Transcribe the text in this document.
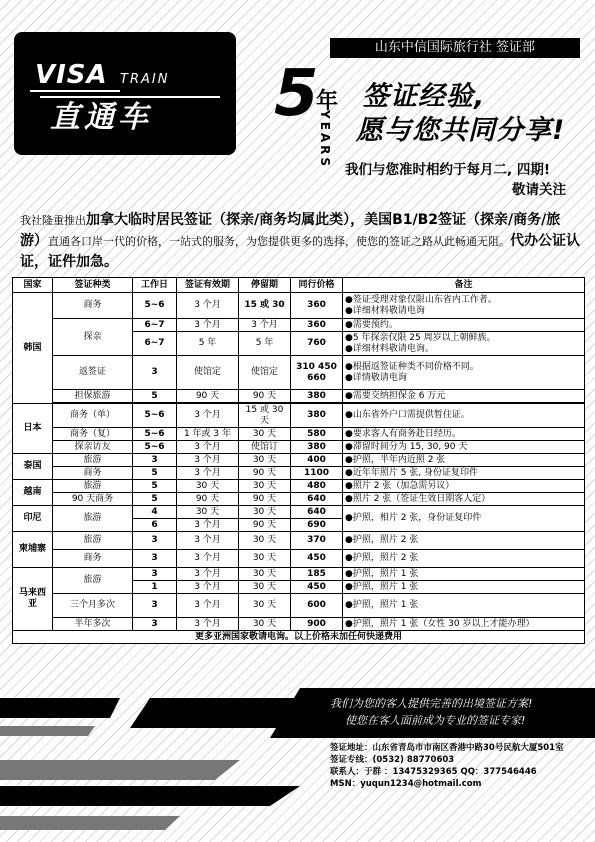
VISA TRAIN
直通车
山东中信国际旅行社 签证部
5
年
YEARS
签证经验,
愿与您共同分享!
我们与您准时相约于每月二, 四期!
敬请关注
我社隆重推出加拿大临时居民签证（探亲/商务均属此类），美国B1/B2签证（探亲/商务/旅游）直通各口岸一代的价格，一站式的服务，为您提供更多的选择，使您的签证之路从此畅通无阻。代办公证认证，证件加急。
国家	签证种类	工作日	签证有效期	停留期	同行价格	备注
韩国	商务	5~6	3 个月	15 或 30	360	●签证受理对象仅限山东省内工作者。
●详细材料敬请电询

	探亲	6~7	3 个月	3 个月	360	●需要预约。
		6~7	5 年	5 年	760	●5 年探亲仅限 25 周岁以上朝鲜族。
●详细材料敬请电询。

	返签证	3	使馆定	使馆定	310 450 660	●根据返签证种类不同价格不同。
●详情敬请电询

	担保旅游	5	90 天	90 天	380	●需要交纳担保金 6 万元

日本	商务（单）	5~6	3 个月	15 或 30 天	380	●山东省外户口需提供暂住证。
	商务（复）	5~6	1 年或 3 年	30 天	580	●要求客人有商务赴日经历。
	探亲访友	5~6	3 个月	使馆订	380	●滞留时间分为 15, 30, 90 天
泰国	旅游	3	3 个月	30 天	400	●护照，半年内近照 2 张
	商务	5	3 个月	90 天	1100	●近年年照片 5 张, 身份证复印件
越南	旅游	5	30 天	30 天	480	●照片 2 张（加急需另议）
	90 天商务	5	90 天	90 天	640	●照片 2 张（签证生效日期客人定）
印尼	旅游	4	30 天	30 天	640	●护照，相片 2 张，身份证复印件
		6	3 个月	90 天	690	
柬埔寨	旅游	3	3 个月	30 天	370	●护照，照片 2 张
	商务	3	3 个月	30 天	450	●护照，照片 2 张
马来西亚	旅游	3	3 个月	30 天	185	●护照，照片 1 张
		1	3 个月	30 天	450	●护照，照片 1 张
	三个月多次	3	3 个月	30 天	600	●护照，照片 1 张
	半年多次	3	3 个月	30 天	900	●护照，照片 1 张（女性 30 岁以上才能办理）
更多亚洲国家敬请电询。以上价格未加任何快递费用						
我们为您的客人提供完善的出境签证方案!
使您在客人面前成为专业的签证专家!
签证地址：山东省青岛市市南区香港中路30号民航大厦501室
签证专线：(0532) 88770603
联系人：于群 ：13475329365 QQ：377546446
MSN：yuqun1234@hotmail.com
